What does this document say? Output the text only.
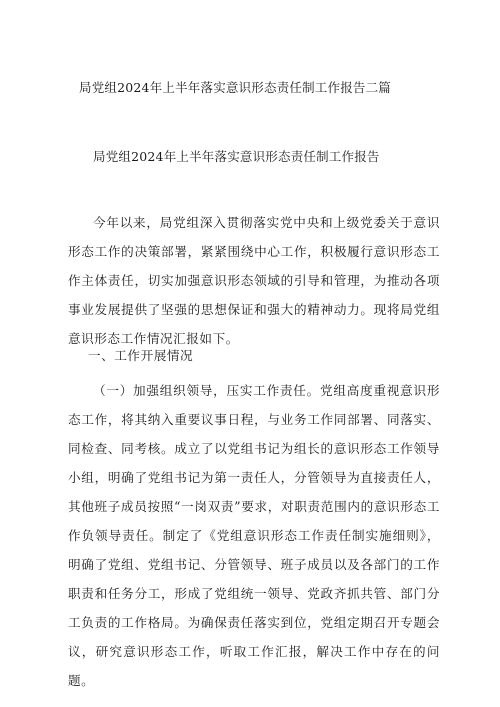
局党组2024年上半年落实意识形态责任制工作报告二篇
局党组2024年上半年落实意识形态责任制工作报告

今年以来，局党组深入贯彻落实党中央和上级党委关于意识形态工作的决策部署，紧紧围绕中心工作，积极履行意识形态工作主体责任，切实加强意识形态领域的引导和管理，为推动各项事业发展提供了坚强的思想保证和强大的精神动力。现将局党组意识形态工作情况汇报如下。

一、工作开展情况

（一）加强组织领导，压实工作责任。党组高度重视意识形态工作，将其纳入重要议事日程，与业务工作同部署、同落实、同检查、同考核。成立了以党组书记为组长的意识形态工作领导小组，明确了党组书记为第一责任人，分管领导为直接责任人，其他班子成员按照“一岗双责”要求，对职责范围内的意识形态工作负领导责任。制定了《党组意识形态工作责任制实施细则》，明确了党组、党组书记、分管领导、班子成员以及各部门的工作职责和任务分工，形成了党组统一领导、党政齐抓共管、部门分工负责的工作格局。为确保责任落实到位，党组定期召开专题会议，研究意识形态工作，听取工作汇报，解决工作中存在的问题。
